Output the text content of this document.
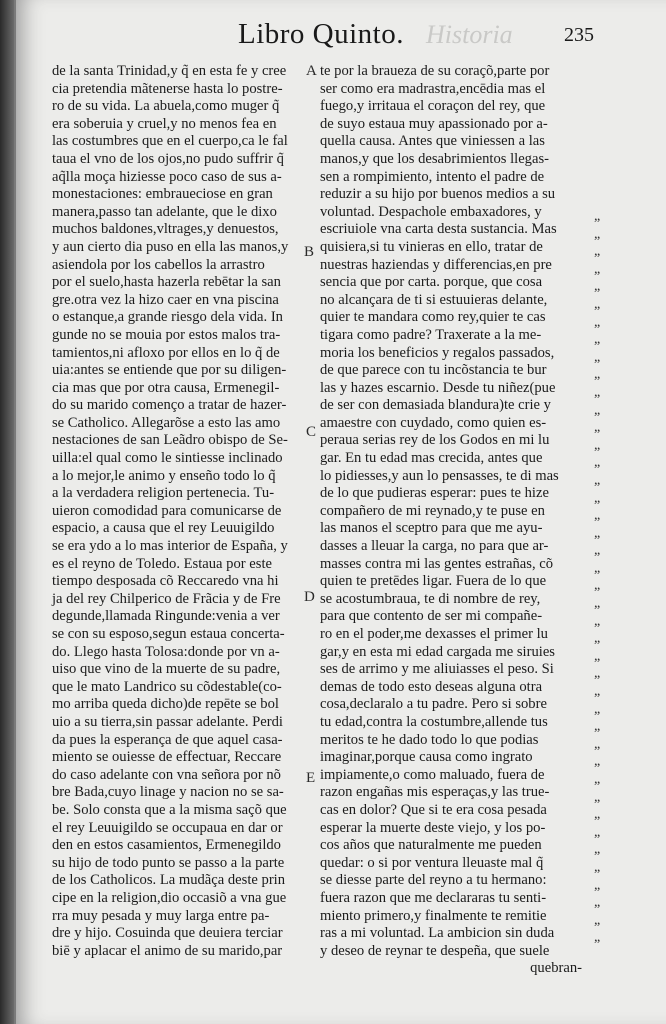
Libro Quinto. Historia	235
de la santa Trinidad,y q̃ en esta fe y cree
cia pretendia mãtenerse hasta lo postre-
ro de su vida. La abuela,como muger q̃
era soberuia y cruel,y no menos fea en
las costumbres que en el cuerpo,ca le fal
taua el vno de los ojos,no pudo suffrir q̃
aq̃lla moça hiziesse poco caso de sus a-
monestaciones: embraueciose en gran
manera,passo tan adelante, que le dixo
muchos baldones,vltrages,y denuestos,
y aun cierto dia puso en ella las manos,y
asiendola por los cabellos la arrastro
por el suelo,hasta hazerla rebētar la san
gre.otra vez la hizo caer en vna piscina
o estanque,a grande riesgo dela vida. In
gunde no se mouia por estos malos tra-
tamientos,ni afloxo por ellos en lo q̃ de
uia:antes se entiende que por su diligen-
cia mas que por otra causa, Ermenegil-
do su marido començo a tratar de hazer-
se Catholico. Allegarõse a esto las amo
nestaciones de san Leãdro obispo de Se-
uilla:el qual como le sintiesse inclinado
a lo mejor,le animo y enseño todo lo q̃
a la verdadera religion pertenecia. Tu-
uieron comodidad para comunicarse de
espacio, a causa que el rey Leuuigildo
se era ydo a lo mas interior de España, y
es el reyno de Toledo. Estaua por este
tiempo desposada cõ Reccaredo vna hi
ja del rey Chilperico de Frãcia y de Fre
degunde,llamada Ringunde:venia a ver
se con su esposo,segun estaua concerta-
do. Llego hasta Tolosa:donde por vn a-
uiso que vino de la muerte de su padre,
que le mato Landrico su cõdestable(co-
mo arriba queda dicho)de repēte se bol
uio a su tierra,sin passar adelante. Perdi
da pues la esperança de que aquel casa-
miento se ouiesse de effectuar, Reccare
do caso adelante con vna señora por nõ
bre Bada,cuyo linage y nacion no se sa-
be. Solo consta que a la misma saçõ que
el rey Leuuigildo se occupaua en dar or
den en estos casamientos, Ermenegildo
su hijo de todo punto se passo a la parte
de los Catholicos. La mudãça deste prin
cipe en la religion,dio occasiõ a vna gue
rra muy pesada y muy larga entre pa-
dre y hijo. Cosuinda que deuiera terciar
biē y aplacar el animo de su marido,par
te por la braueza de su coraçõ,parte por
ser como era madrastra,encēdia mas el
fuego,y irritaua el coraçon del rey, que
de suyo estaua muy apassionado por a-
quella causa. Antes que viniessen a las
manos,y que los desabrimientos llegas-
sen a rompimiento, intento el padre de
reduzir a su hijo por buenos medios a su
voluntad. Despachole embaxadores, y
escriuiole vna carta desta sustancia. Mas
quisiera,si tu vinieras en ello, tratar de
nuestras haziendas y differencias,en pre
sencia que por carta. porque, que cosa
no alcançara de ti si estuuieras delante,
quier te mandara como rey,quier te cas
tigara como padre? Traxerate a la me-
moria los beneficios y regalos passados,
de que parece con tu incõstancia te bur
las y hazes escarnio. Desde tu niñez(pue
de ser con demasiada blandura)te crie y
amaestre con cuydado, como quien es-
peraua serias rey de los Godos en mi lu
gar. En tu edad mas crecida, antes que
lo pidiesses,y aun lo pensasses, te di mas
de lo que pudieras esperar: pues te hize
compañero de mi reynado,y te puse en
las manos el sceptro para que me ayu-
dasses a lleuar la carga, no para que ar-
masses contra mi las gentes estrañas, cõ
quien te pretēdes ligar. Fuera de lo que
se acostumbraua, te di nombre de rey,
para que contento de ser mi compañe-
ro en el poder,me dexasses el primer lu
gar,y en esta mi edad cargada me siruies
ses de arrimo y me aliuiasses el peso. Si
demas de todo esto deseas alguna otra
cosa,declaralo a tu padre. Pero si sobre
tu edad,contra la costumbre,allende tus
meritos te he dado todo lo que podias
imaginar,porque causa como ingrato
impiamente,o como maluado, fuera de
razon engañas mis esperaças,y las true-
cas en dolor? Que si te era cosa pesada
esperar la muerte deste viejo, y los po-
cos años que naturalmente me pueden
quedar: o si por ventura lleuaste mal q̃
se diesse parte del reyno a tu hermano:
fuera razon que me declararas tu senti-
miento primero,y finalmente te remitie
ras a mi voluntad. La ambicion sin duda
y deseo de reynar te despeña, que suele
quebran-
A
B
C
D
E
„
„
„
„
„
„
„
„
„
„
„
„
„
„
„
„
„
„
„
„
„
„
„
„
„
„
„
„
„
„
„
„
„
„
„
„
„
„
„
„
„
„
